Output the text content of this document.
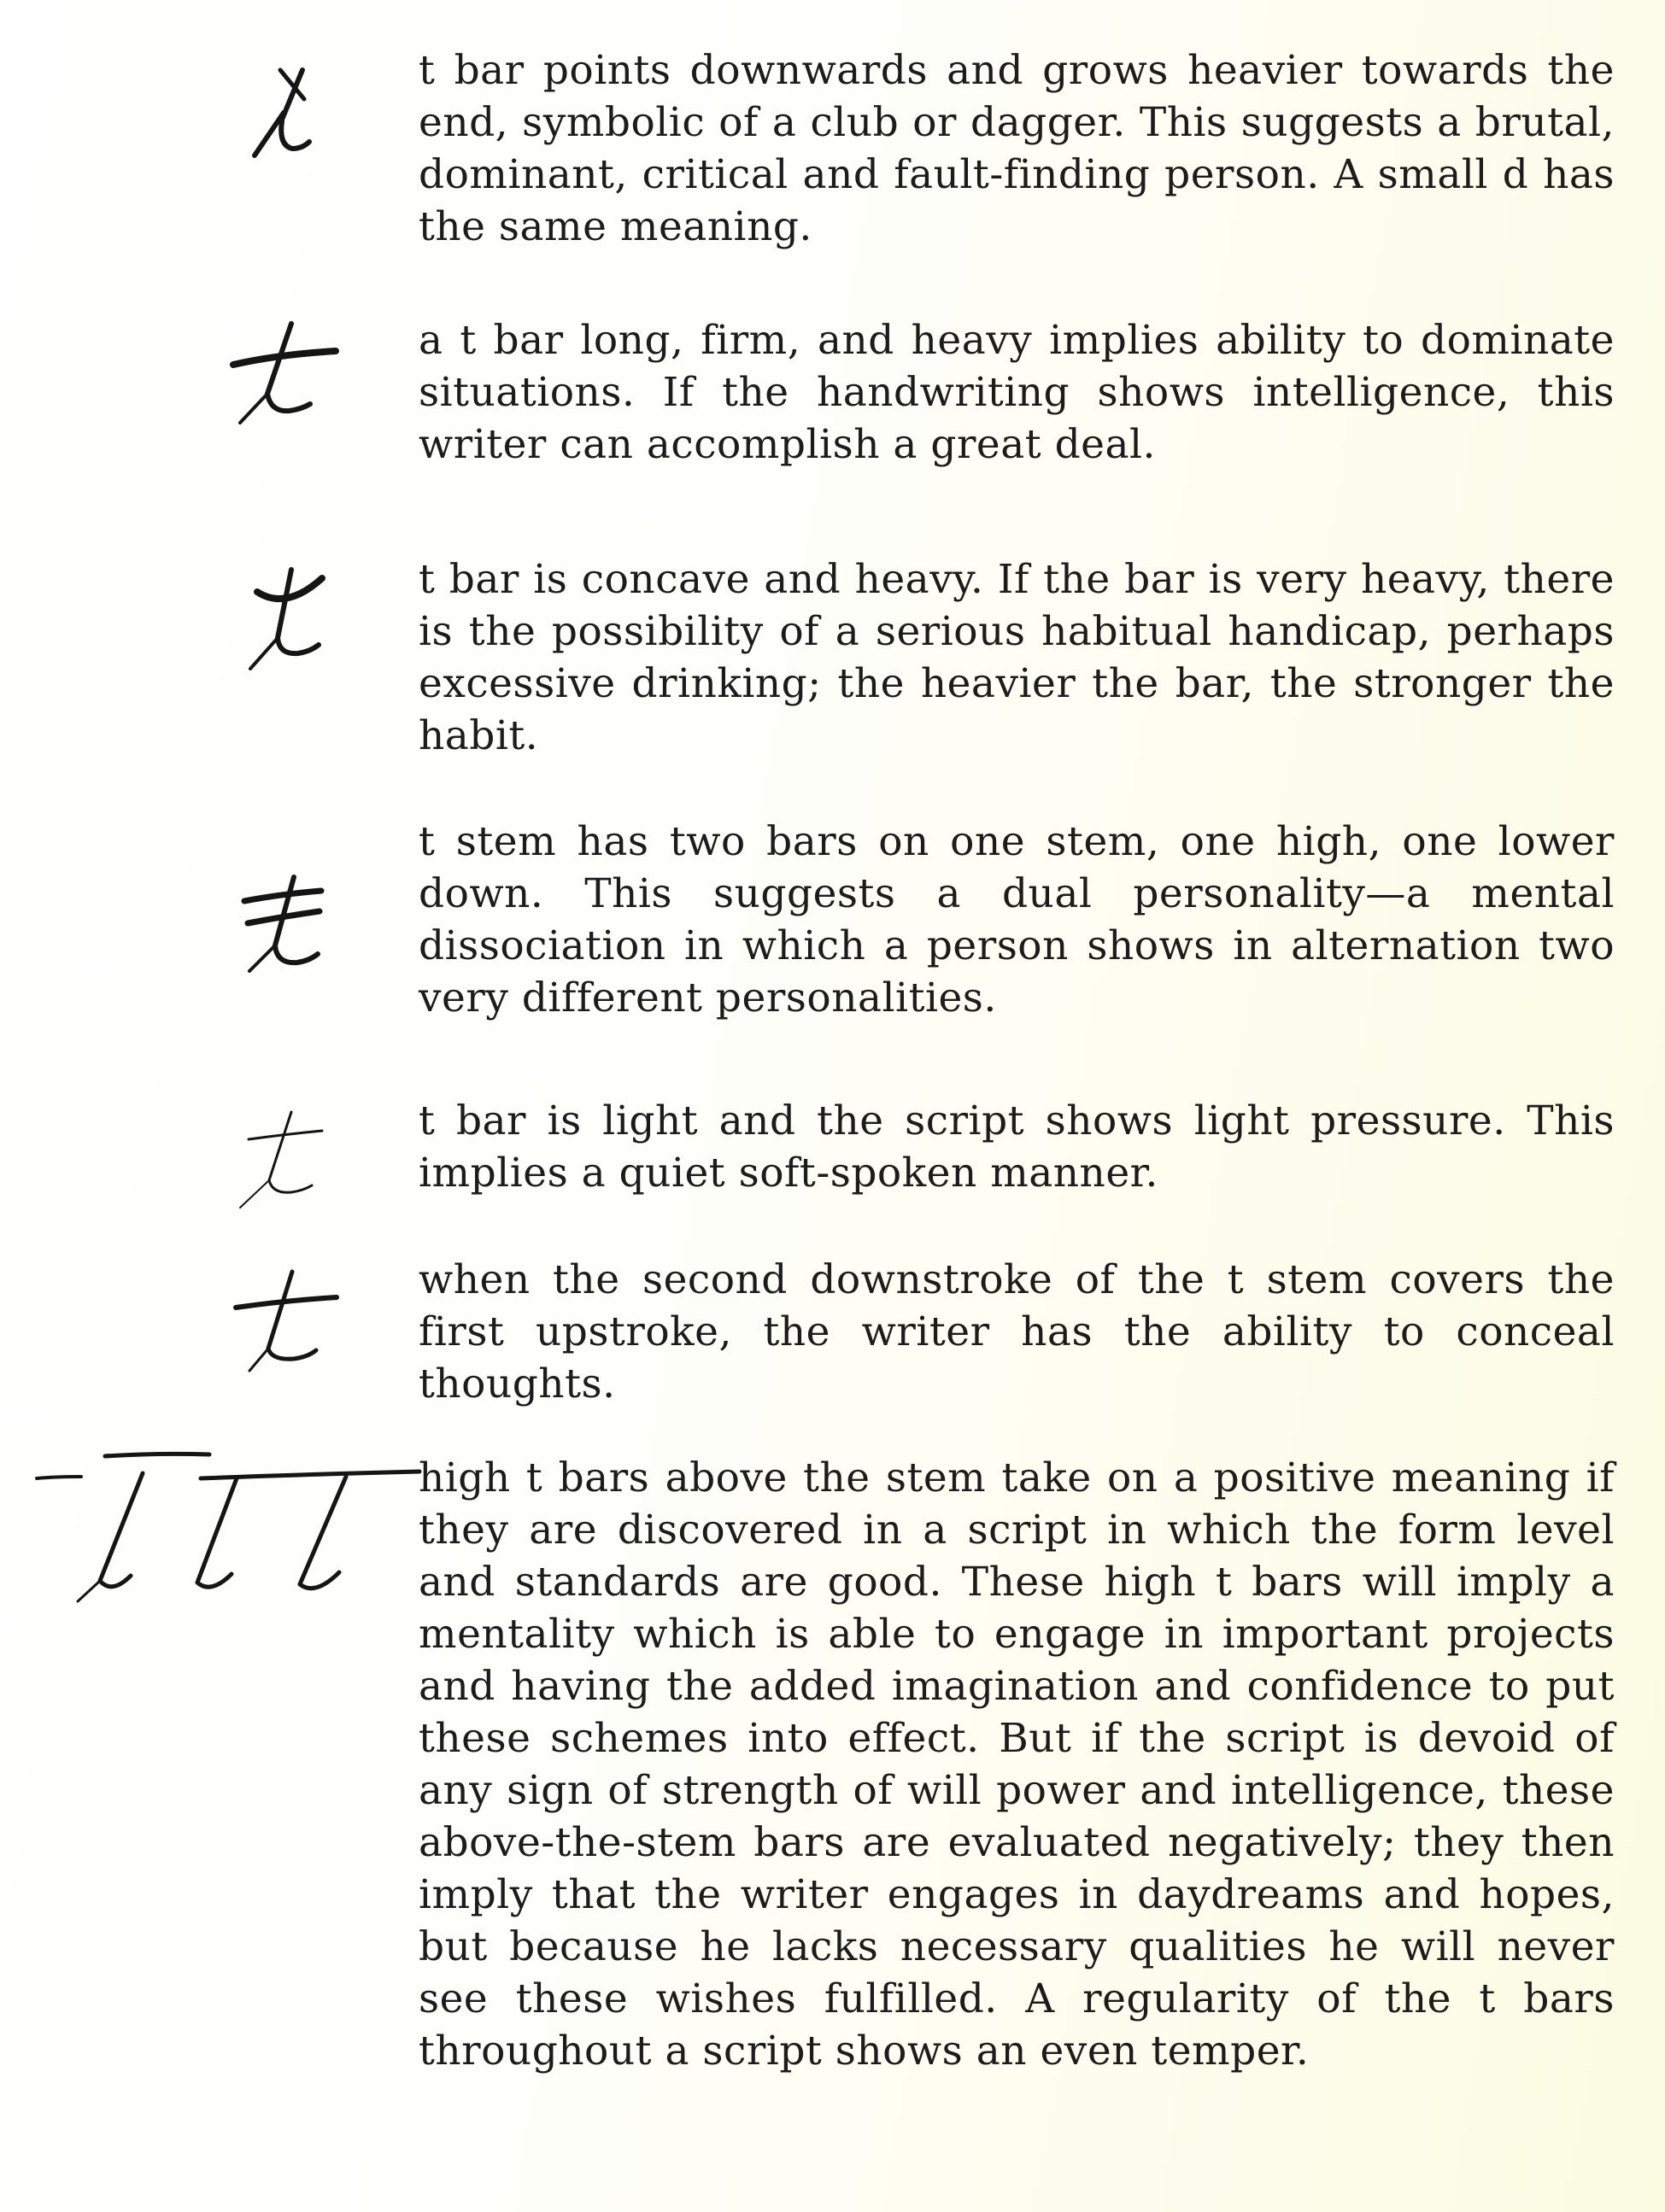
t bar points downwards and grows heavier towards the end, symbolic of a club or dagger. This suggests a brutal, dominant, critical and fault-finding person. A small d has the same meaning.

a t bar long, firm, and heavy implies ability to dominate situations. If the handwriting shows intelligence, this writer can accomplish a great deal.

t bar is concave and heavy. If the bar is very heavy, there is the possibility of a serious habitual handicap, perhaps excessive drinking; the heavier the bar, the stronger the habit.

t stem has two bars on one stem, one high, one lower down. This suggests a dual personality—a mental dissociation in which a person shows in alternation two very different personalities.

t bar is light and the script shows light pressure. This implies a quiet soft-spoken manner.

when the second downstroke of the t stem covers the first upstroke, the writer has the ability to conceal thoughts.

high t bars above the stem take on a positive meaning if they are discovered in a script in which the form level and standards are good. These high t bars will imply a mentality which is able to engage in important projects and having the added imagination and confidence to put these schemes into effect. But if the script is devoid of any sign of strength of will power and intelligence, these above-the-stem bars are evaluated negatively; they then imply that the writer engages in daydreams and hopes, but because he lacks necessary qualities he will never see these wishes fulfilled. A regularity of the t bars throughout a script shows an even temper.
